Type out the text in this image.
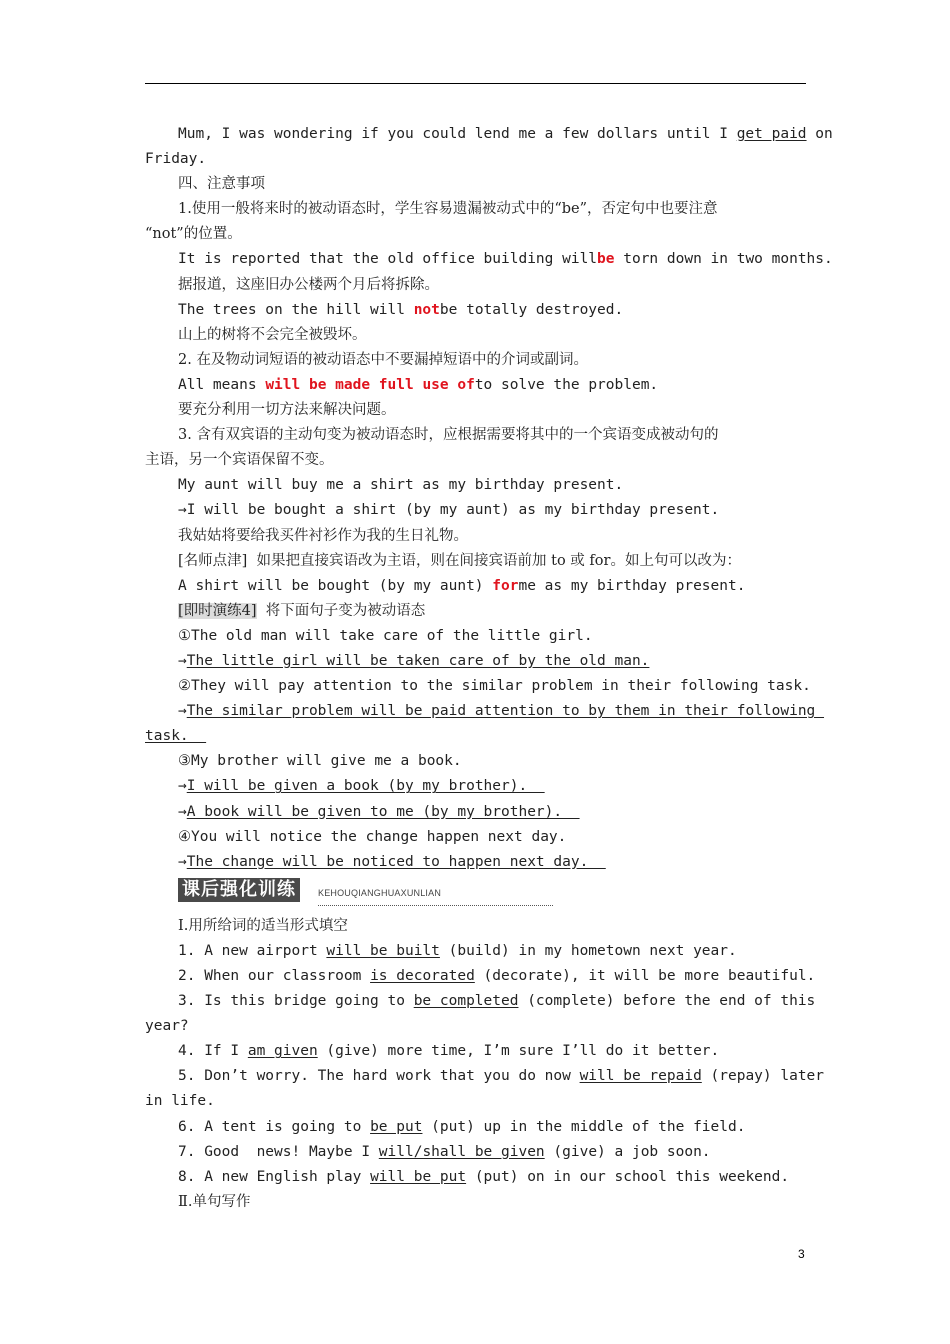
Mum, I was wondering if you could lend me a few dollars until I get paid on
Friday.
四、注意事项
1.使用一般将来时的被动语态时，学生容易遗漏被动式中的“be”，否定句中也要注意
“not”的位置。
It is reported that the old office building willbe torn down in two months.
据报道，这座旧办公楼两个月后将拆除。
The trees on the hill will notbe totally destroyed.
山上的树将不会完全被毁坏。
2. 在及物动词短语的被动语态中不要漏掉短语中的介词或副词。
All means will be made full use ofto solve the problem.
要充分利用一切方法来解决问题。
3. 含有双宾语的主动句变为被动语态时，应根据需要将其中的一个宾语变成被动句的
主语，另一个宾语保留不变。
My aunt will buy me a shirt as my birthday present.
→I will be bought a shirt (by my aunt) as my birthday present.
我姑姑将要给我买件衬衫作为我的生日礼物。
[名师点津]  如果把直接宾语改为主语，则在间接宾语前加 to 或 for。如上句可以改为：
A shirt will be bought (by my aunt) forme as my birthday present.
[即时演练4]  将下面句子变为被动语态
①The old man will take care of the little girl.
→The little girl will be taken care of by the old man.
②They will pay attention to the similar problem in their following task.
→The similar problem will be paid attention to by them in their following
task.
③My brother will give me a book.
→I will be given a book (by my brother).
→A book will be given to me (by my brother).
④You will notice the change happen next day.
→The change will be noticed to happen next day.
课后强化训练	KEHOUQIANGHUAXUNLIAN
Ⅰ.用所给词的适当形式填空
1. A new airport will be built (build) in my hometown next year.
2. When our classroom is decorated (decorate), it will be more beautiful.
3. Is this bridge going to be completed (complete) before the end of this
year?
4. If I am given (give) more time, I’m sure I’ll do it better.
5. Don’t worry. The hard work that you do now will be repaid (repay) later
in life.
6. A tent is going to be put (put) up in the middle of the field.
7. Good  news! Maybe I will/shall be given (give) a job soon.
8. A new English play will be put (put) on in our school this weekend.
Ⅱ.单句写作
3
